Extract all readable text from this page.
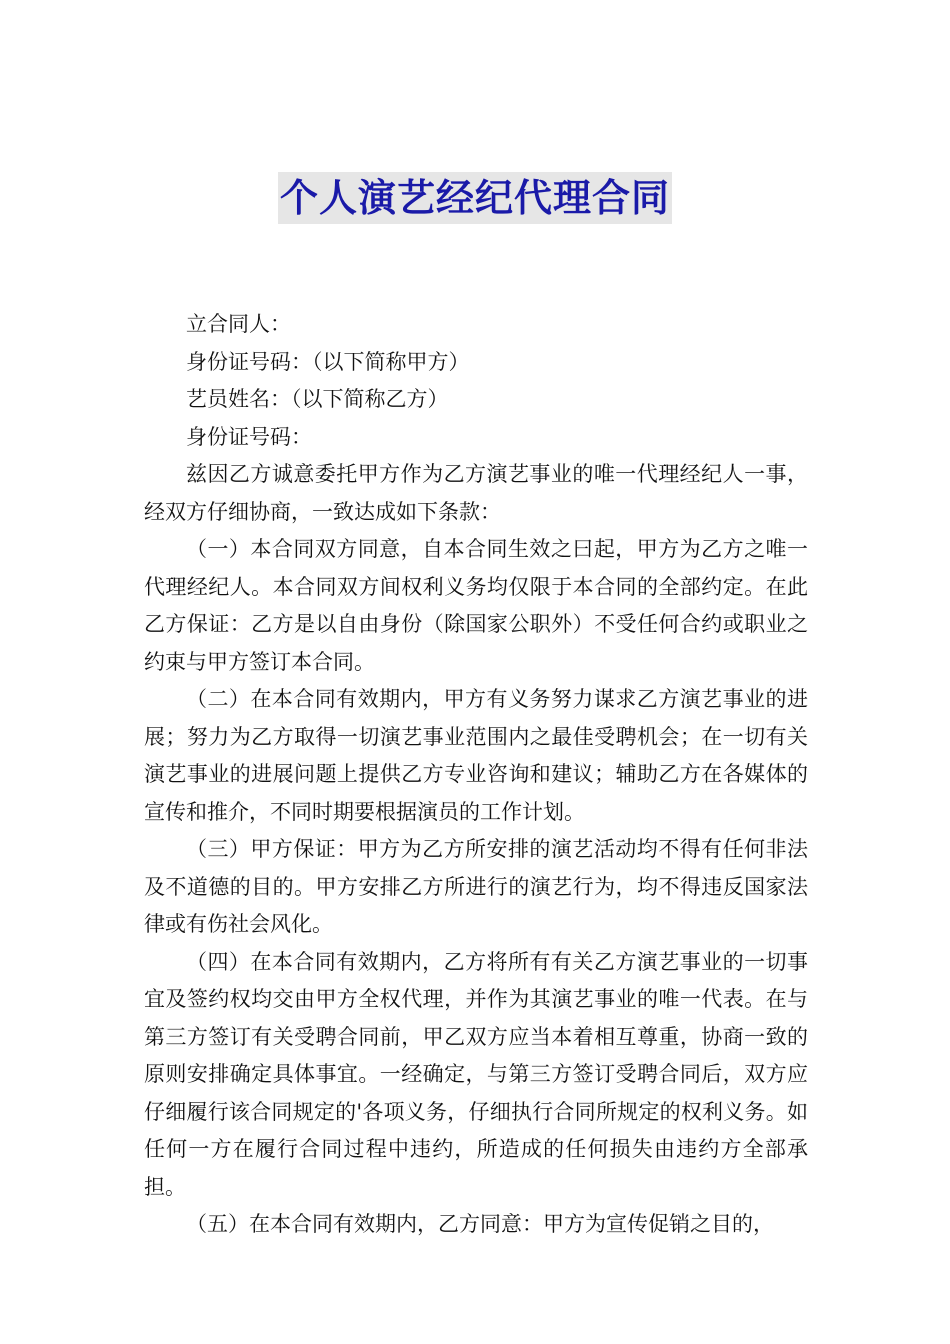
个人演艺经纪代理合同

立合同人：

身份证号码：（以下简称甲方）

艺员姓名：（以下简称乙方）

身份证号码：

兹因乙方诚意委托甲方作为乙方演艺事业的唯一代理经纪人一事，经双方仔细协商，一致达成如下条款：

（一）本合同双方同意，自本合同生效之曰起，甲方为乙方之唯一代理经纪人。本合同双方间权利义务均仅限于本合同的全部约定。在此乙方保证：乙方是以自由身份（除国家公职外）不受任何合约或职业之约束与甲方签订本合同。

（二）在本合同有效期内，甲方有义务努力谋求乙方演艺事业的进展；努力为乙方取得一切演艺事业范围内之最佳受聘机会；在一切有关演艺事业的进展问题上提供乙方专业咨询和建议；辅助乙方在各媒体的宣传和推介，不同时期要根据演员的工作计划。

（三）甲方保证：甲方为乙方所安排的演艺活动均不得有任何非法及不道德的目的。甲方安排乙方所进行的演艺行为，均不得违反国家法律或有伤社会风化。

（四）在本合同有效期内，乙方将所有有关乙方演艺事业的一切事宜及签约权均交由甲方全权代理，并作为其演艺事业的唯一代表。在与第三方签订有关受聘合同前，甲乙双方应当本着相互尊重，协商一致的原则安排确定具体事宜。一经确定，与第三方签订受聘合同后，双方应仔细履行该合同规定的'各项义务，仔细执行合同所规定的权利义务。如任何一方在履行合同过程中违约，所造成的任何损失由违约方全部承担。

（五）在本合同有效期内，乙方同意：甲方为宣传促销之目的，
